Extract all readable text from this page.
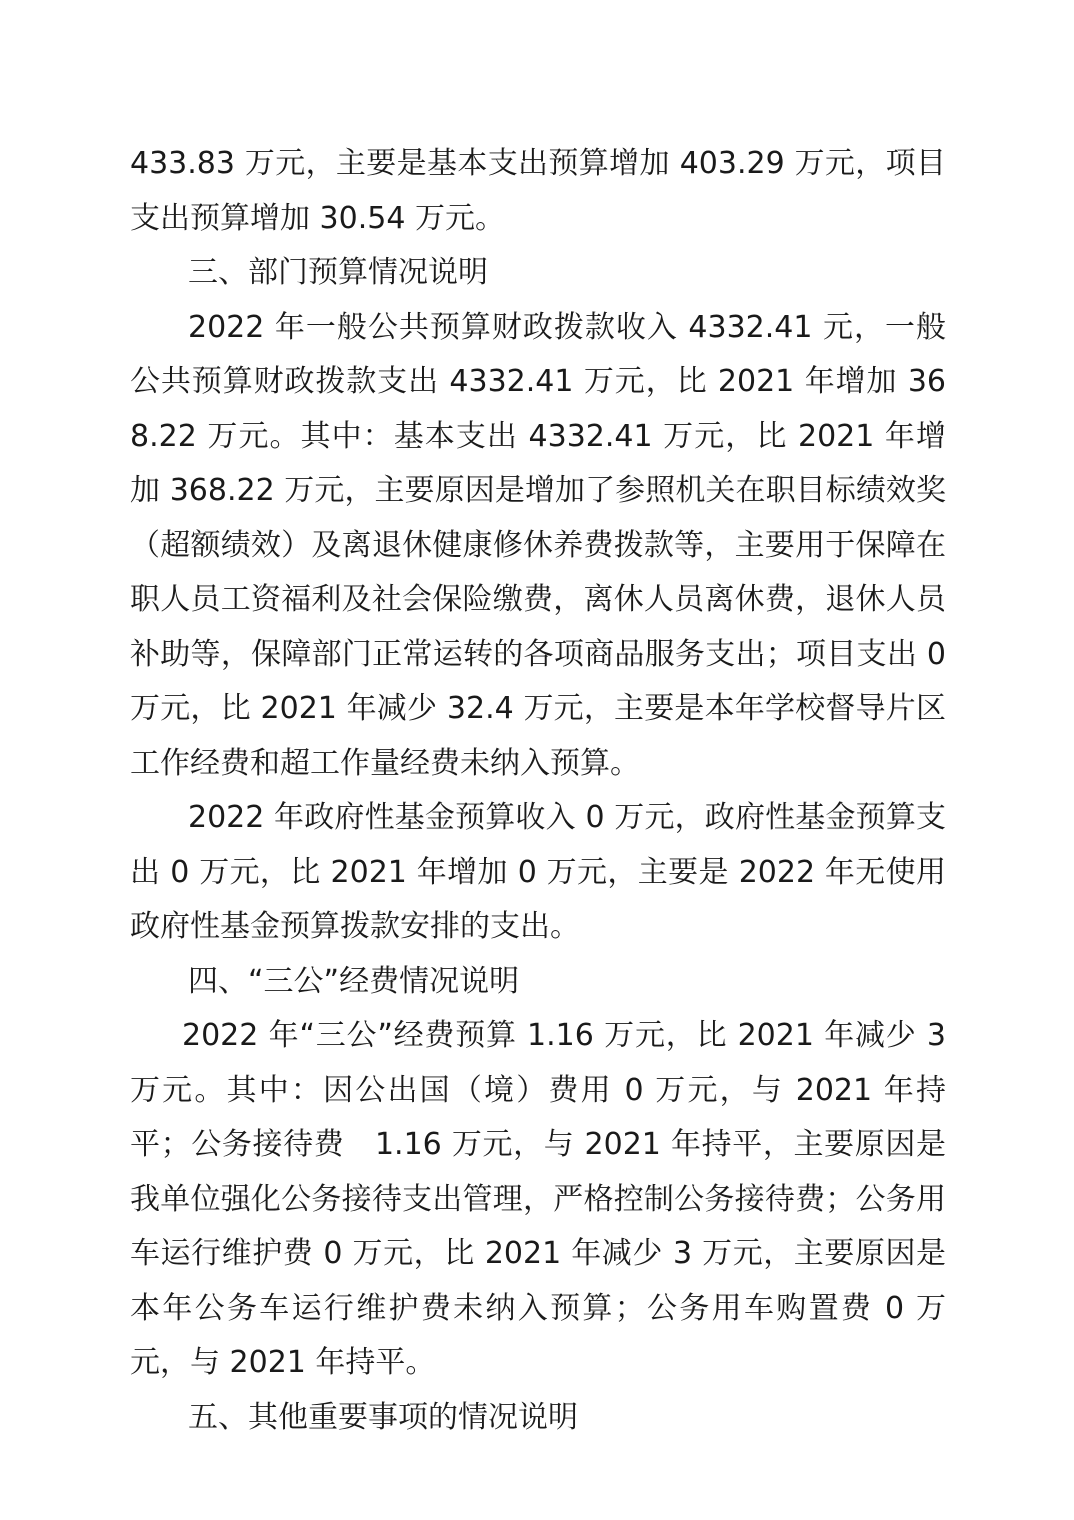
433.83 万元，主要是基本支出预算增加 403.29 万元，项目支出预算增加 30.54 万元。

三、部门预算情况说明

2022 年一般公共预算财政拨款收入 4332.41 元，一般公共预算财政拨款支出 4332.41 万元，比 2021 年增加 368.22 万元。其中：基本支出 4332.41 万元，比 2021 年增加 368.22 万元，主要原因是增加了参照机关在职目标绩效奖（超额绩效）及离退休健康修休养费拨款等，主要用于保障在职人员工资福利及社会保险缴费，离休人员离休费，退休人员补助等，保障部门正常运转的各项商品服务支出；项目支出 0 万元，比 2021 年减少 32.4 万元，主要是本年学校督导片区工作经费和超工作量经费未纳入预算。

2022 年政府性基金预算收入 0 万元，政府性基金预算支出 0 万元，比 2021 年增加 0 万元，主要是 2022 年无使用政府性基金预算拨款安排的支出。

四、“三公”经费情况说明

2022 年“三公”经费预算 1.16 万元，比 2021 年减少 3 万元。其中：因公出国（境）费用 0 万元，与 2021 年持平；公务接待费　1.16 万元，与 2021 年持平，主要原因是我单位强化公务接待支出管理，严格控制公务接待费；公务用车运行维护费 0 万元，比 2021 年减少 3 万元，主要原因是本年公务车运行维护费未纳入预算；公务用车购置费 0 万元，与 2021 年持平。

五、其他重要事项的情况说明
